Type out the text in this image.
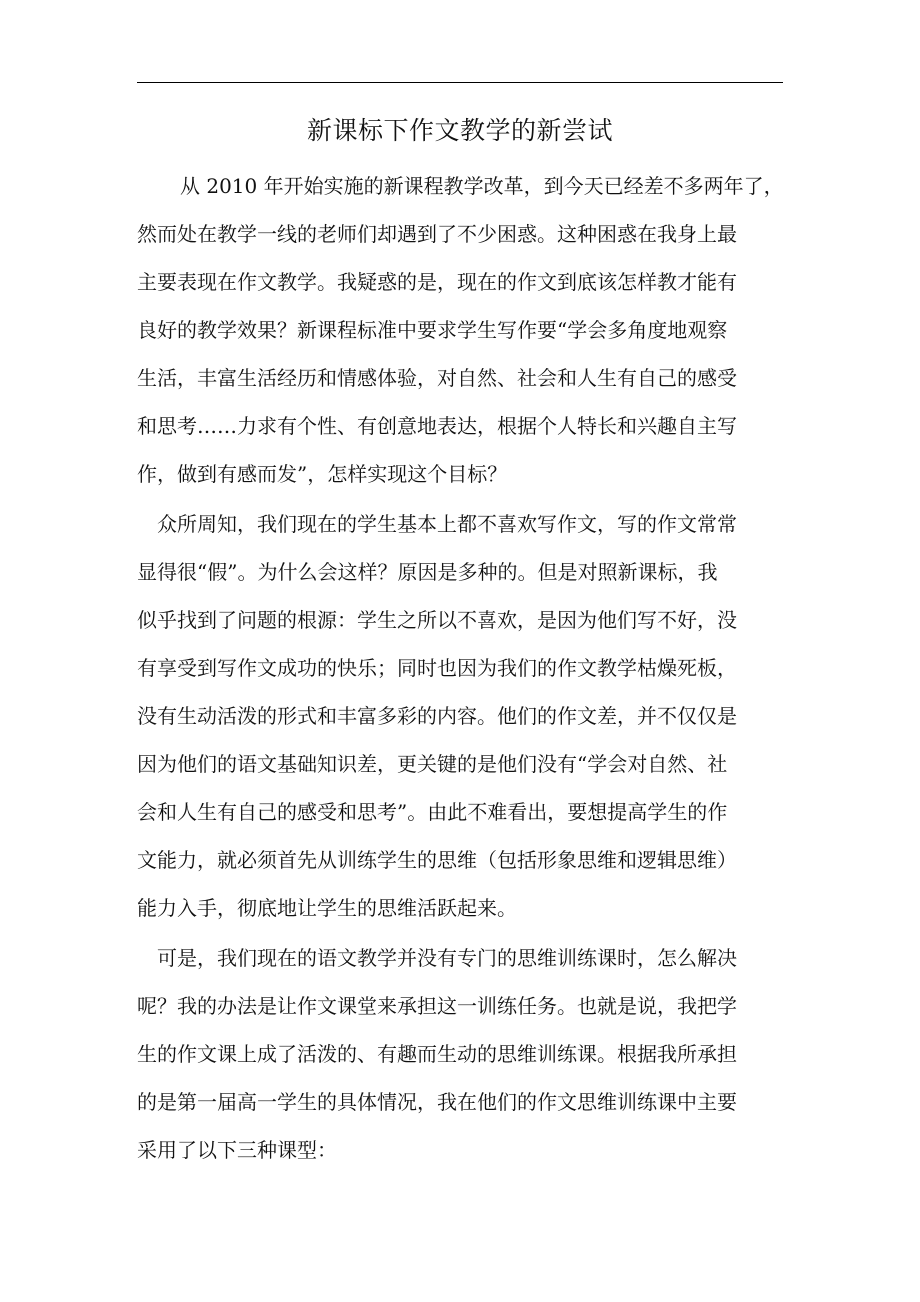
新课标下作文教学的新尝试

从 2010 年开始实施的新课程教学改革，到今天已经差不多两年了，

然而处在教学一线的老师们却遇到了不少困惑。这种困惑在我身上最

主要表现在作文教学。我疑惑的是，现在的作文到底该怎样教才能有

良好的教学效果？新课程标准中要求学生写作要“学会多角度地观察

生活，丰富生活经历和情感体验，对自然、社会和人生有自己的感受

和思考……力求有个性、有创意地表达，根据个人特长和兴趣自主写

作，做到有感而发”，怎样实现这个目标？

众所周知，我们现在的学生基本上都不喜欢写作文，写的作文常常

显得很“假”。为什么会这样？原因是多种的。但是对照新课标，我

似乎找到了问题的根源：学生之所以不喜欢，是因为他们写不好，没

有享受到写作文成功的快乐；同时也因为我们的作文教学枯燥死板，

没有生动活泼的形式和丰富多彩的内容。他们的作文差，并不仅仅是

因为他们的语文基础知识差，更关键的是他们没有“学会对自然、社

会和人生有自己的感受和思考”。由此不难看出，要想提高学生的作

文能力，就必须首先从训练学生的思维（包括形象思维和逻辑思维）

能力入手，彻底地让学生的思维活跃起来。

可是，我们现在的语文教学并没有专门的思维训练课时，怎么解决

呢？我的办法是让作文课堂来承担这一训练任务。也就是说，我把学

生的作文课上成了活泼的、有趣而生动的思维训练课。根据我所承担

的是第一届高一学生的具体情况，我在他们的作文思维训练课中主要

采用了以下三种课型：
